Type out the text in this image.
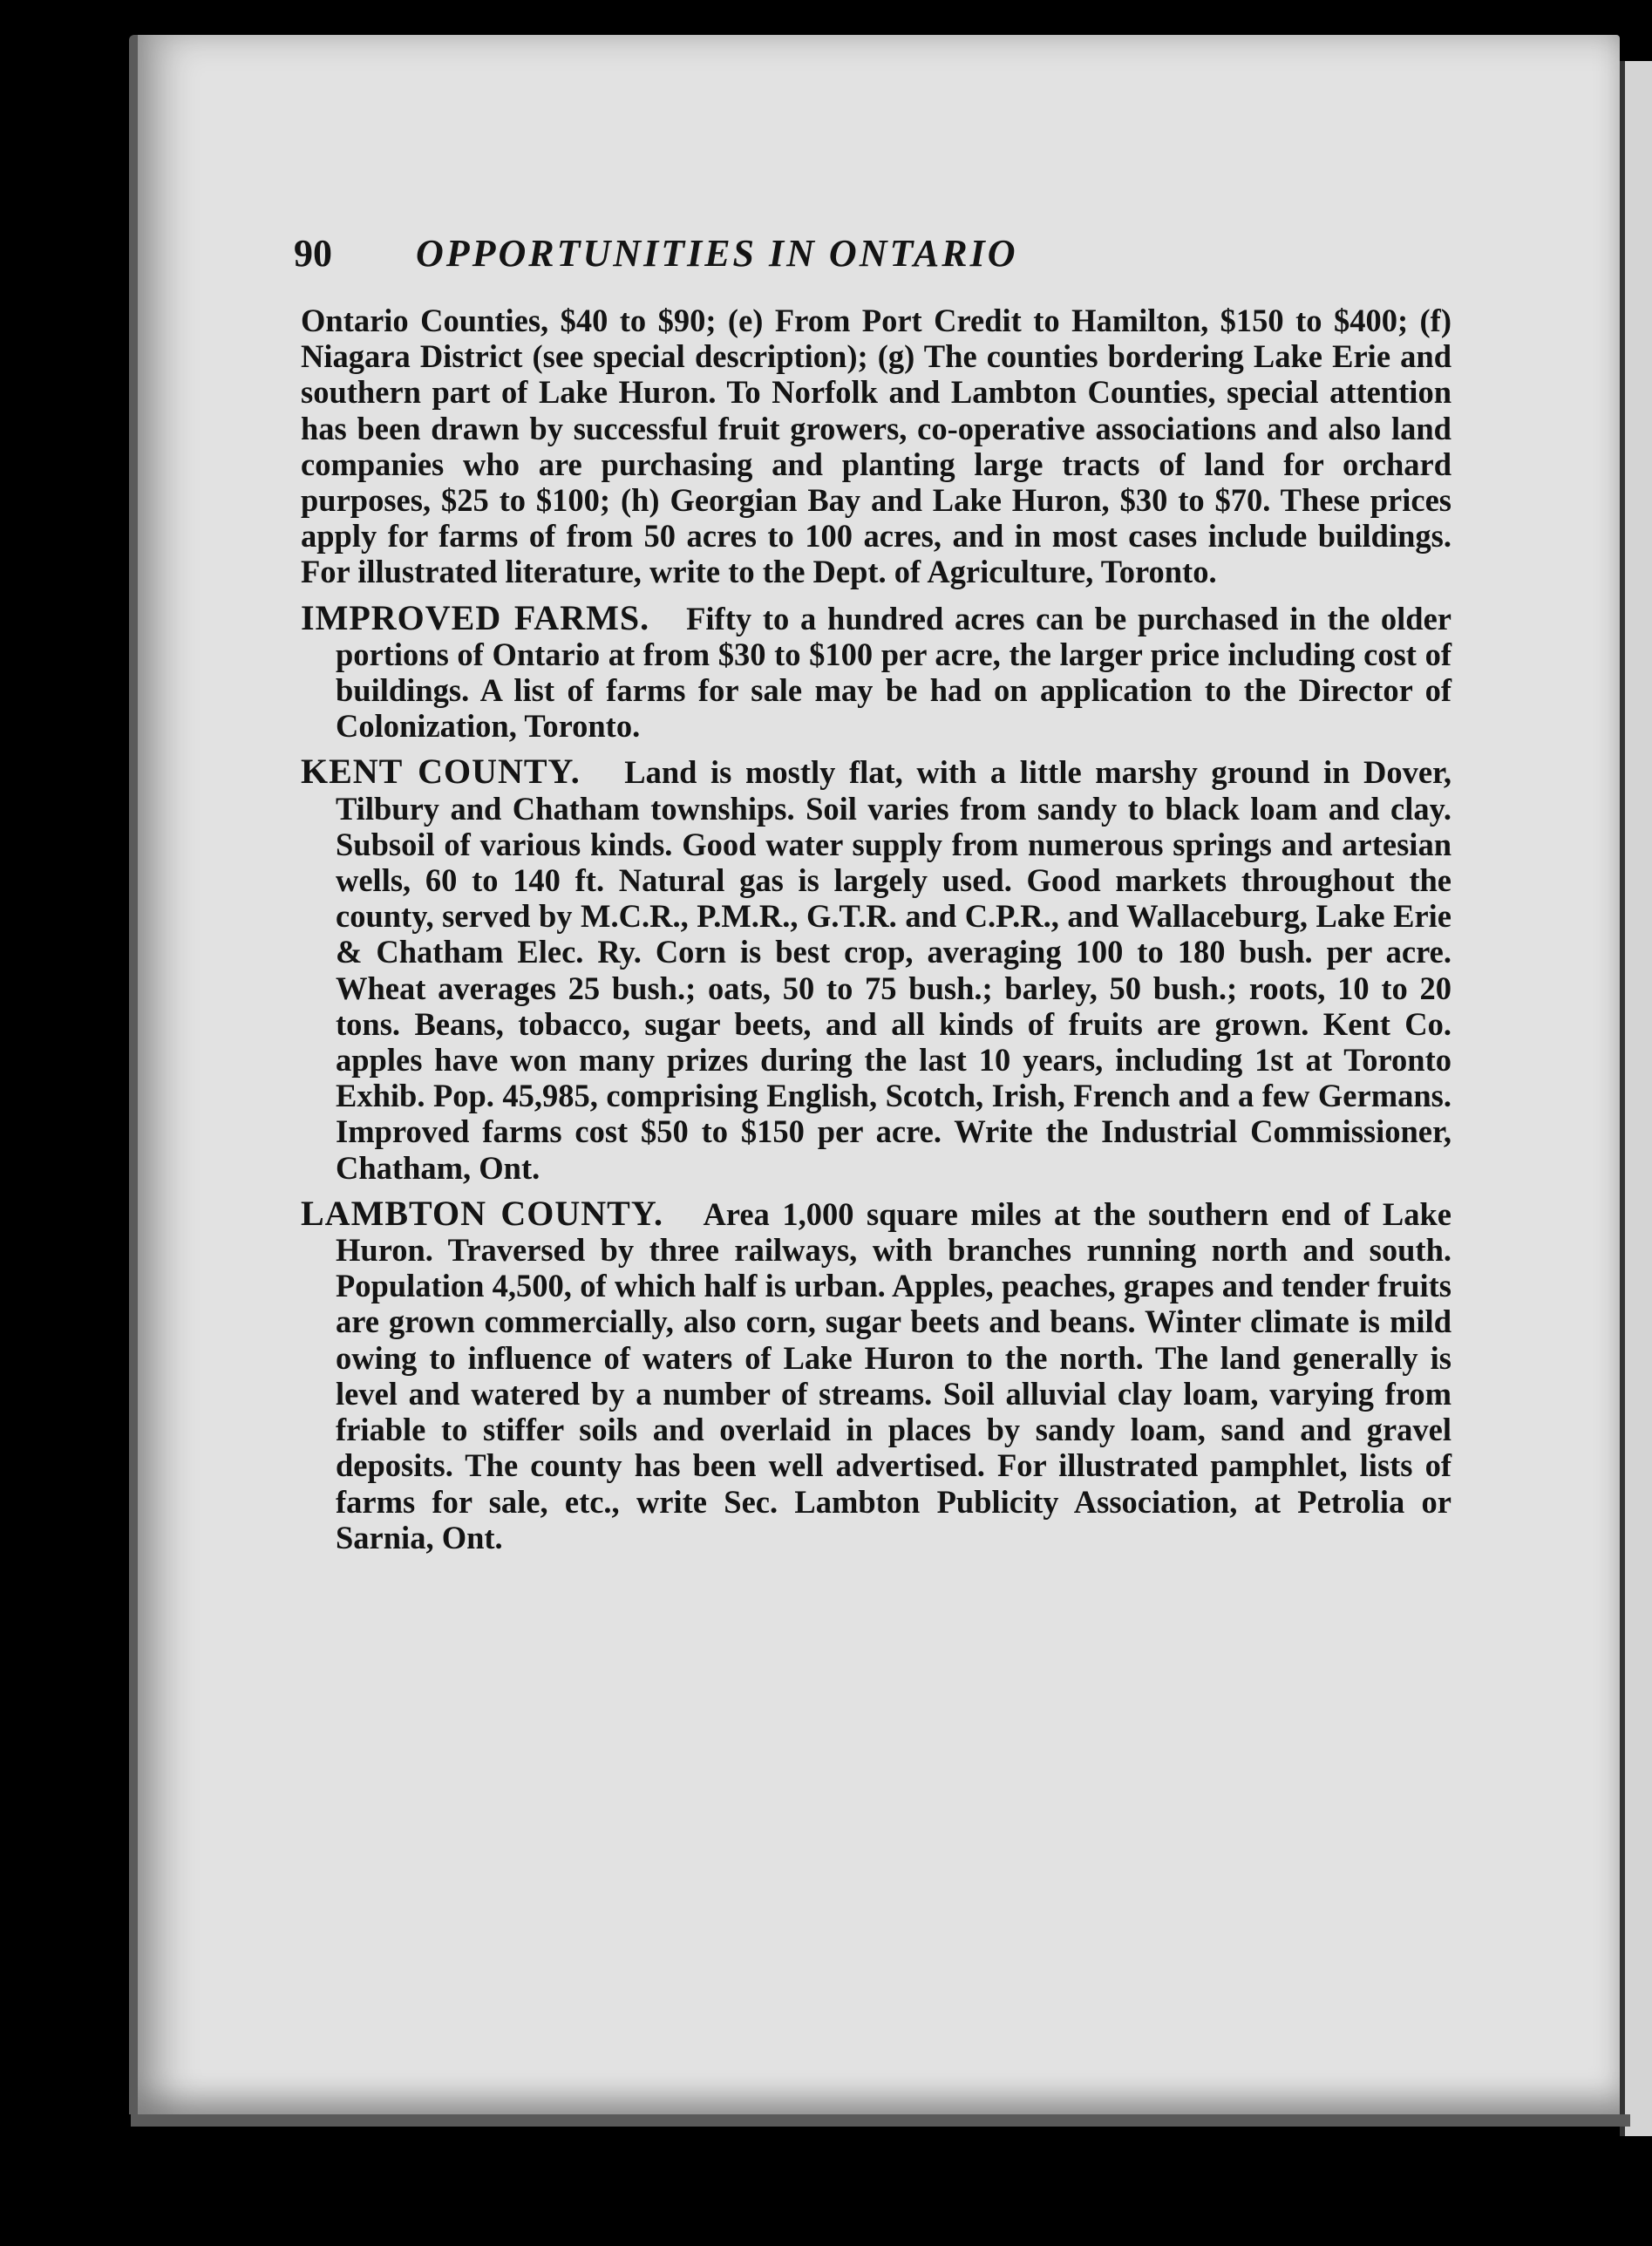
90	OPPORTUNITIES IN ONTARIO

Ontario Counties, $40 to $90; (e) From Port Credit to Hamilton, $150 to $400; (f) Niagara District (see special description); (g) The counties bordering Lake Erie and southern part of Lake Huron. To Norfolk and Lambton Counties, special attention has been drawn by successful fruit growers, co-operative associations and also land companies who are purchasing and planting large tracts of land for orchard purposes, $25 to $100; (h) Georgian Bay and Lake Huron, $30 to $70. These prices apply for farms of from 50 acres to 100 acres, and in most cases include buildings. For illustrated literature, write to the Dept. of Agriculture, Toronto.

IMPROVED FARMS.   Fifty to a hundred acres can be purchased in the older portions of Ontario at from $30 to $100 per acre, the larger price including cost of buildings. A list of farms for sale may be had on application to the Director of Colonization, Toronto.

KENT COUNTY.   Land is mostly flat, with a little marshy ground in Dover, Tilbury and Chatham townships. Soil varies from sandy to black loam and clay. Subsoil of various kinds. Good water supply from numerous springs and artesian wells, 60 to 140 ft. Natural gas is largely used. Good markets throughout the county, served by M.C.R., P.M.R., G.T.R. and C.P.R., and Wallaceburg, Lake Erie & Chatham Elec. Ry. Corn is best crop, averaging 100 to 180 bush. per acre. Wheat averages 25 bush.; oats, 50 to 75 bush.; barley, 50 bush.; roots, 10 to 20 tons. Beans, tobacco, sugar beets, and all kinds of fruits are grown. Kent Co. apples have won many prizes during the last 10 years, including 1st at Toronto Exhib. Pop. 45,985, comprising English, Scotch, Irish, French and a few Germans. Improved farms cost $50 to $150 per acre. Write the Industrial Commissioner, Chatham, Ont.

LAMBTON COUNTY.   Area 1,000 square miles at the southern end of Lake Huron. Traversed by three railways, with branches running north and south. Population 4,500, of which half is urban. Apples, peaches, grapes and tender fruits are grown commercially, also corn, sugar beets and beans. Winter climate is mild owing to influence of waters of Lake Huron to the north. The land generally is level and watered by a number of streams. Soil alluvial clay loam, varying from friable to stiffer soils and overlaid in places by sandy loam, sand and gravel deposits. The county has been well advertised. For illustrated pamphlet, lists of farms for sale, etc., write Sec. Lambton Publicity Association, at Petrolia or Sarnia, Ont.
